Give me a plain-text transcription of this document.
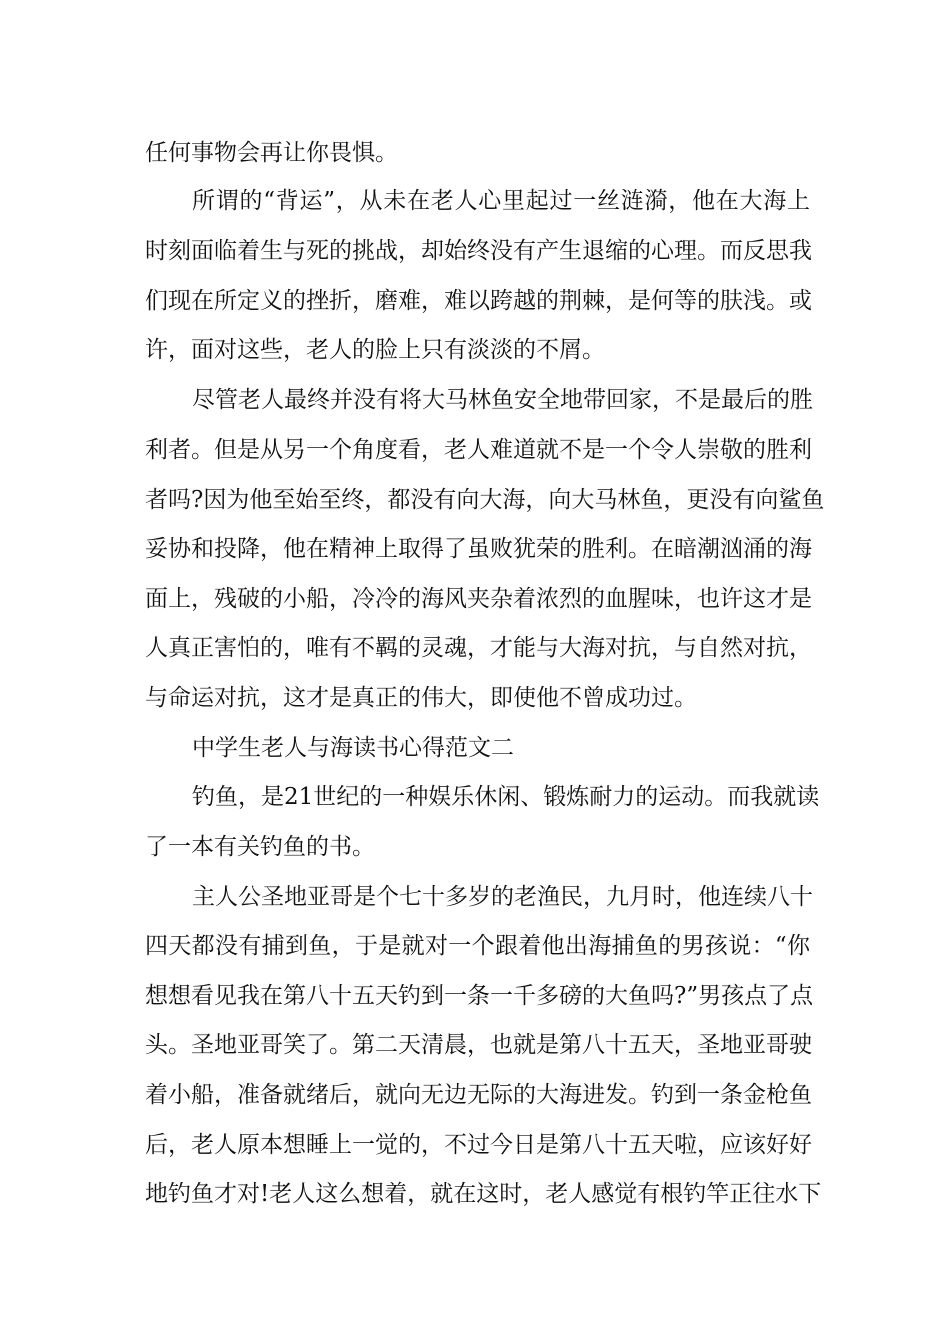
任何事物会再让你畏惧。
所谓的“背运”，从未在老人心里起过一丝涟漪，他在大海上
时刻面临着生与死的挑战，却始终没有产生退缩的心理。而反思我
们现在所定义的挫折，磨难，难以跨越的荆棘，是何等的肤浅。或
许，面对这些，老人的脸上只有淡淡的不屑。
尽管老人最终并没有将大马林鱼安全地带回家，不是最后的胜
利者。但是从另一个角度看，老人难道就不是一个令人崇敬的胜利
者吗?因为他至始至终，都没有向大海，向大马林鱼，更没有向鲨鱼
妥协和投降，他在精神上取得了虽败犹荣的胜利。在暗潮汹涌的海
面上，残破的小船，冷冷的海风夹杂着浓烈的血腥味，也许这才是
人真正害怕的，唯有不羁的灵魂，才能与大海对抗，与自然对抗，
与命运对抗，这才是真正的伟大，即使他不曾成功过。
中学生老人与海读书心得范文二
钓鱼，是21世纪的一种娱乐休闲、锻炼耐力的运动。而我就读
了一本有关钓鱼的书。
主人公圣地亚哥是个七十多岁的老渔民，九月时，他连续八十
四天都没有捕到鱼，于是就对一个跟着他出海捕鱼的男孩说：“你
想想看见我在第八十五天钓到一条一千多磅的大鱼吗?”男孩点了点
头。圣地亚哥笑了。第二天清晨，也就是第八十五天，圣地亚哥驶
着小船，准备就绪后，就向无边无际的大海进发。钓到一条金枪鱼
后，老人原本想睡上一觉的，不过今日是第八十五天啦，应该好好
地钓鱼才对!老人这么想着，就在这时，老人感觉有根钓竿正往水下
